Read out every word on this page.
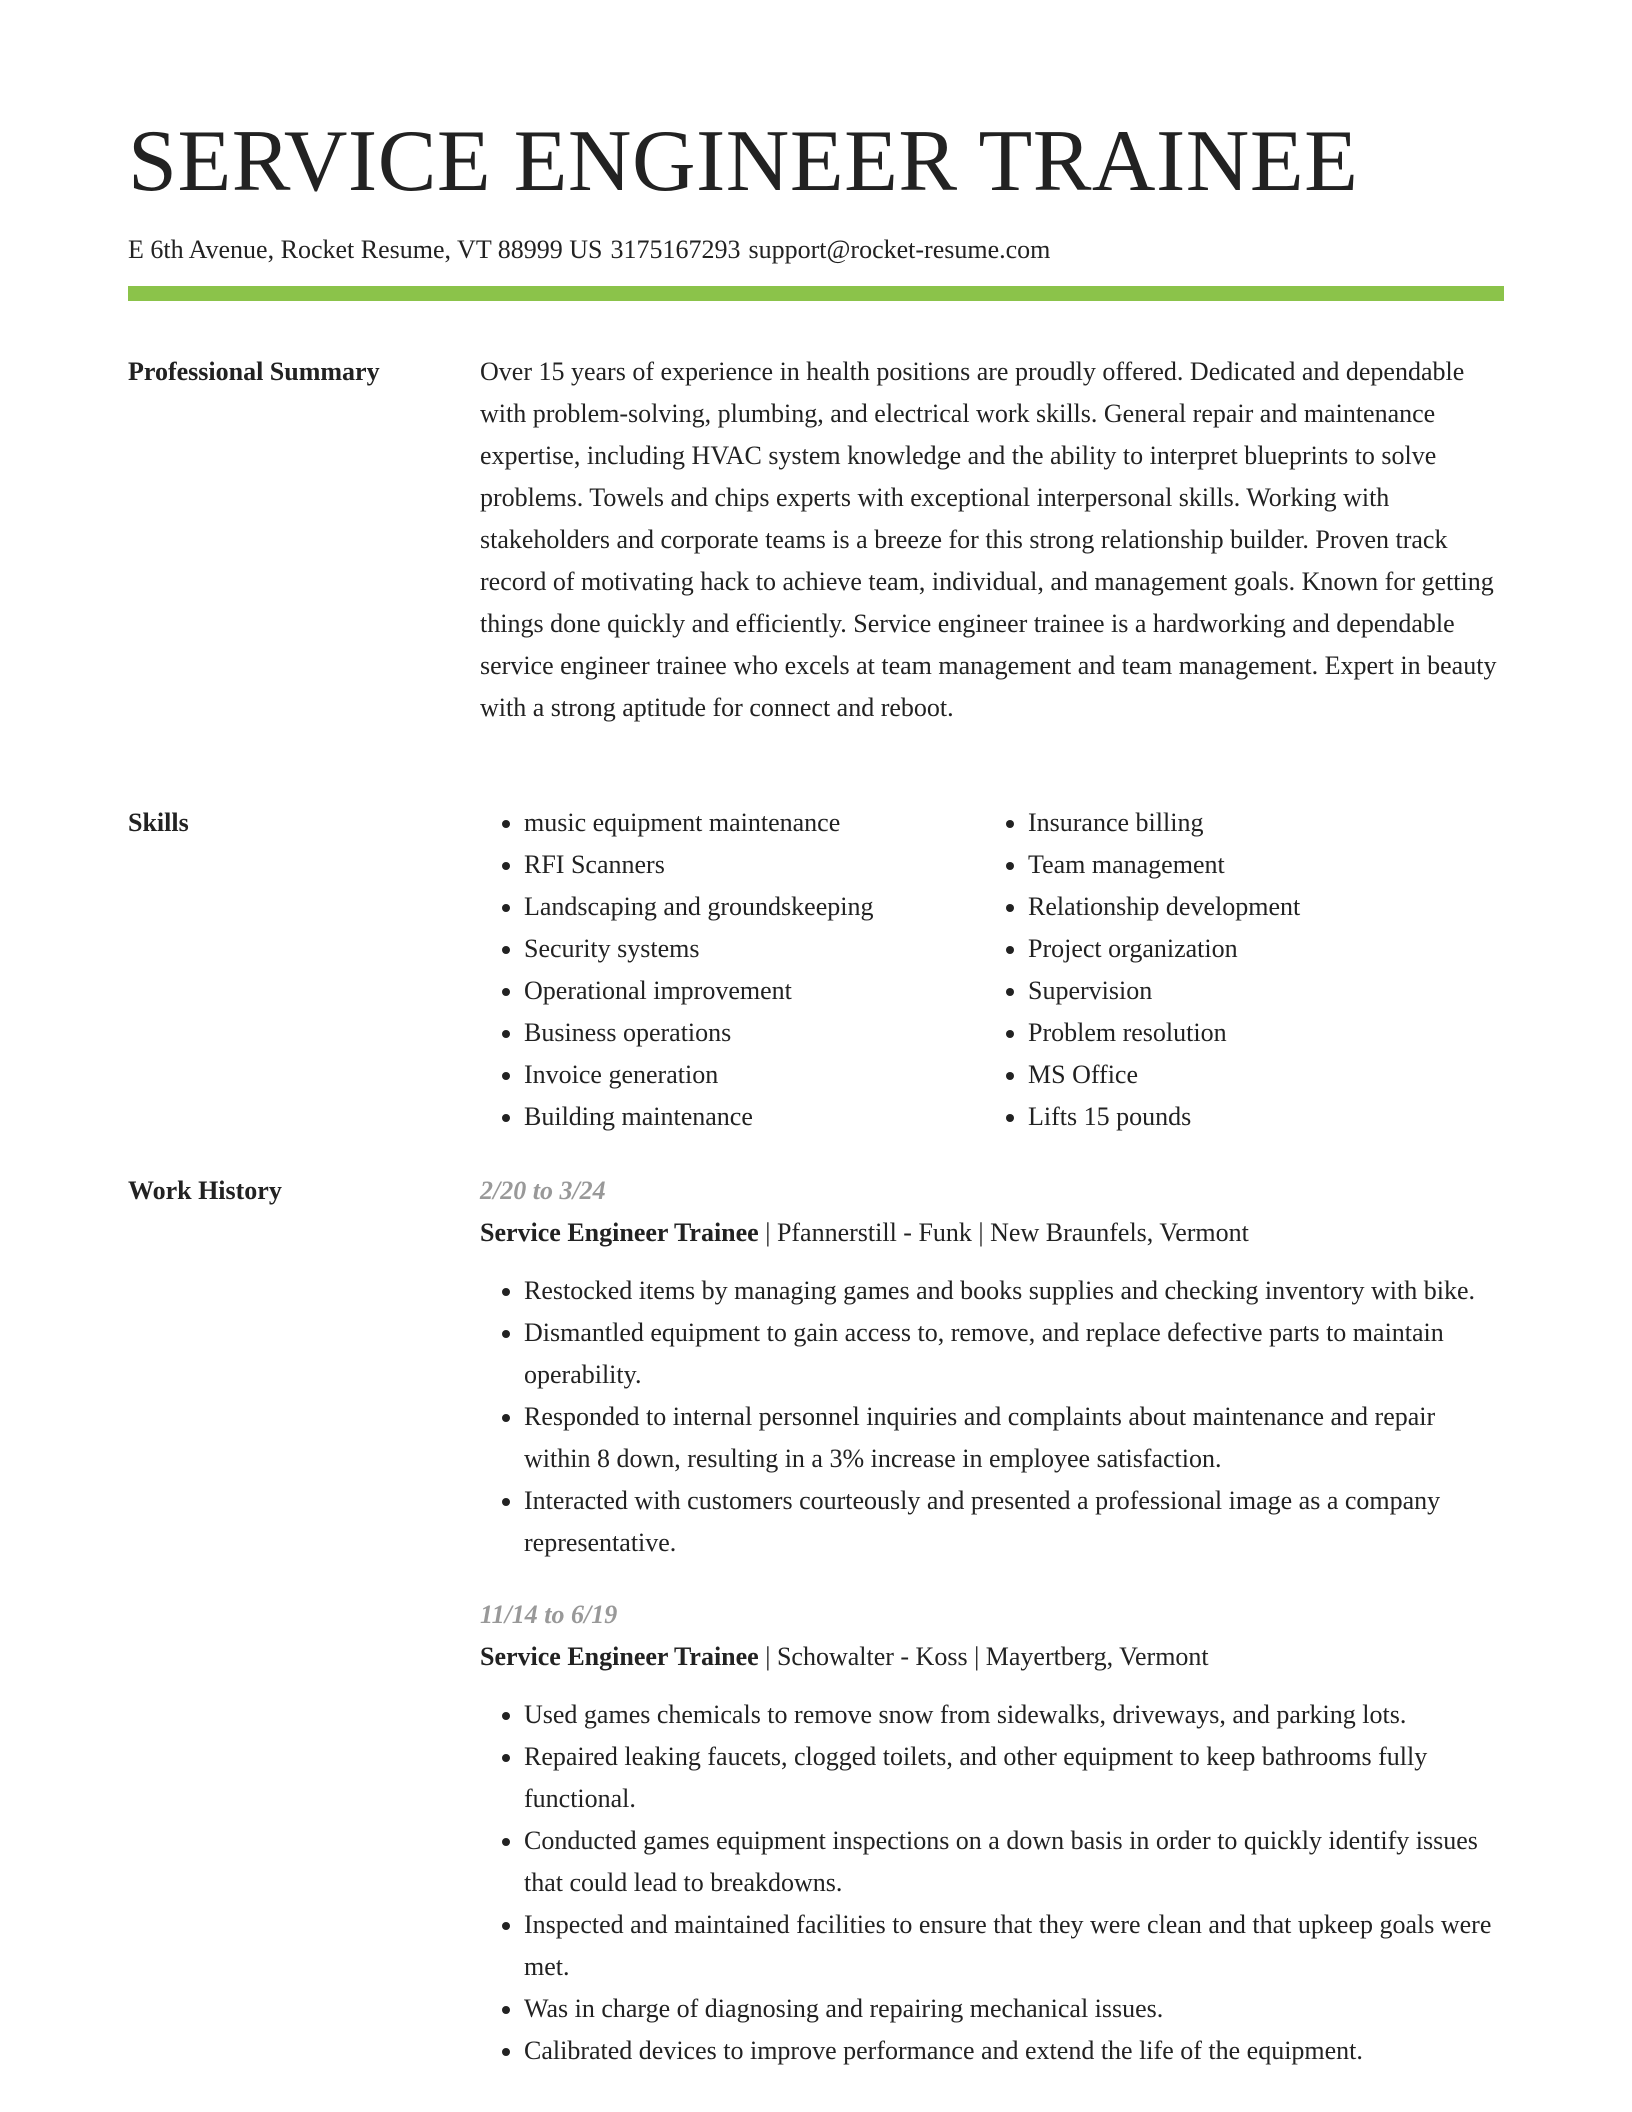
SERVICE ENGINEER TRAINEE
E 6th Avenue, Rocket Resume, VT 88999 US 3175167293 support@rocket-resume.com
Professional Summary	Over 15 years of experience in health positions are proudly offered. Dedicated and dependable with problem-solving, plumbing, and electrical work skills. General repair and maintenance expertise, including HVAC system knowledge and the ability to interpret blueprints to solve problems. Towels and chips experts with exceptional interpersonal skills. Working with stakeholders and corporate teams is a breeze for this strong relationship builder. Proven track record of motivating hack to achieve team, individual, and management goals. Known for getting things done quickly and efficiently. Service engineer trainee is a hardworking and dependable service engineer trainee who excels at team management and team management. Expert in beauty with a strong aptitude for connect and reboot.

Skills
•	music equipment maintenance
• RFI Scanners
• Landscaping and groundskeeping
• Security systems
• Operational improvement
• Business operations
• Invoice generation
• Building maintenance
• Insurance billing
• Team management
• Relationship development
• Project organization
• Supervision
• Problem resolution
• MS Office
• Lifts 15 pounds
Work History	2/20 to 3/24
Service Engineer Trainee | Pfannerstill - Funk | New Braunfels, Vermont
• Restocked items by managing games and books supplies and checking inventory with bike.
• Dismantled equipment to gain access to, remove, and replace defective parts to maintain operability.
• Responded to internal personnel inquiries and complaints about maintenance and repair within 8 down, resulting in a 3% increase in employee satisfaction.
• Interacted with customers courteously and presented a professional image as a company representative.
11/14 to 6/19
Service Engineer Trainee | Schowalter - Koss | Mayertberg, Vermont
• Used games chemicals to remove snow from sidewalks, driveways, and parking lots.
• Repaired leaking faucets, clogged toilets, and other equipment to keep bathrooms fully functional.
• Conducted games equipment inspections on a down basis in order to quickly identify issues that could lead to breakdowns.
• Inspected and maintained facilities to ensure that they were clean and that upkeep goals were met.
• Was in charge of diagnosing and repairing mechanical issues.
• Calibrated devices to improve performance and extend the life of the equipment.
